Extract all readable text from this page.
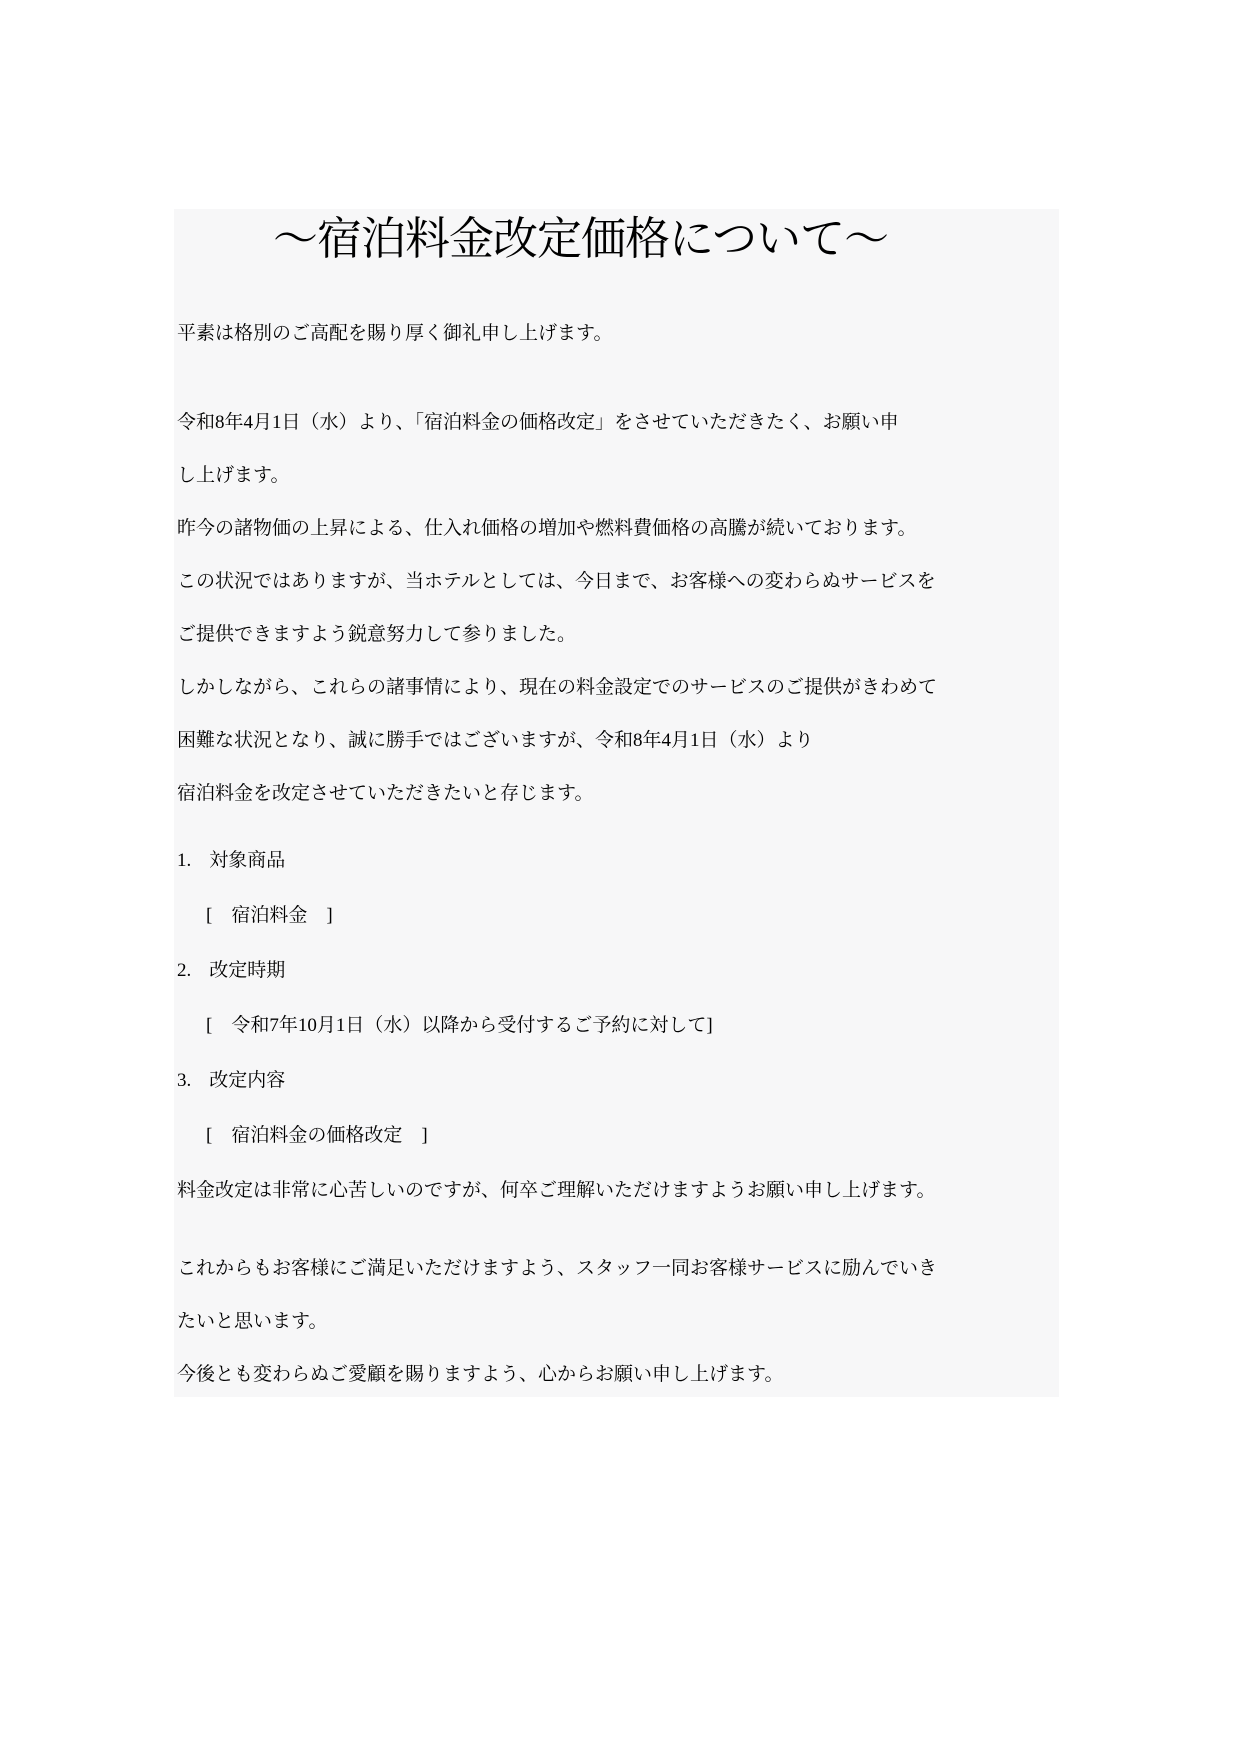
～宿泊料金改定価格について～
平素は格別のご高配を賜り厚く御礼申し上げます。
令和8年4月1日（水）より、「宿泊料金の価格改定」をさせていただきたく、お願い申
し上げます。
昨今の諸物価の上昇による、仕入れ価格の増加や燃料費価格の高騰が続いております。
この状況ではありますが、当ホテルとしては、今日まで、お客様への変わらぬサービスを
ご提供できますよう鋭意努力して参りました。
しかしながら、これらの諸事情により、現在の料金設定でのサービスのご提供がきわめて
困難な状況となり、誠に勝手ではございますが、令和8年4月1日（水）より
宿泊料金を改定させていただきたいと存じます。
1. 対象商品
[　宿泊料金　]
2. 改定時期
[　令和7年10月1日（水）以降から受付するご予約に対して]
3. 改定内容
[　宿泊料金の価格改定　]
料金改定は非常に心苦しいのですが、何卒ご理解いただけますようお願い申し上げます。
これからもお客様にご満足いただけますよう、スタッフ一同お客様サービスに励んでいき
たいと思います。
今後とも変わらぬご愛顧を賜りますよう、心からお願い申し上げます。
